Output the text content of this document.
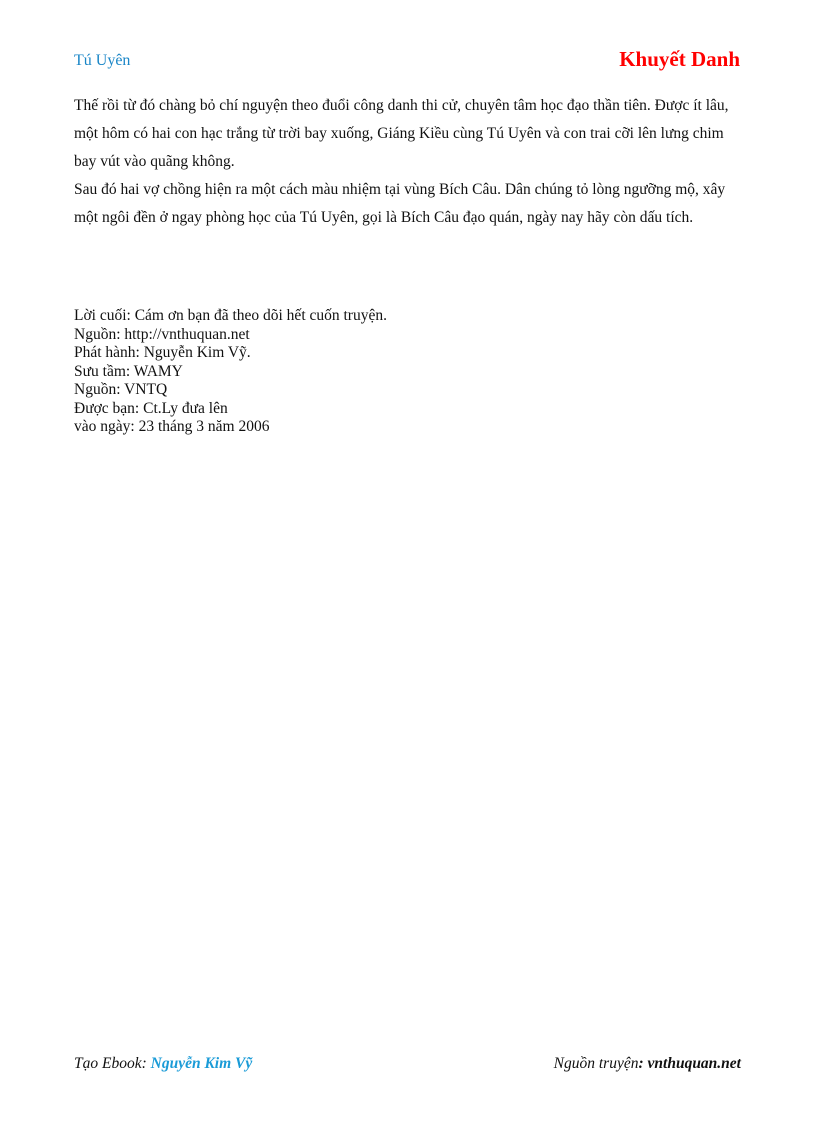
Tú Uyên	Khuyết Danh

Thế rồi từ đó chàng bỏ chí nguyện theo đuổi công danh thi cử, chuyên tâm học đạo thần tiên. Được ít lâu, một hôm có hai con hạc trắng từ trời bay xuống, Giáng Kiều cùng Tú Uyên và con trai cỡi lên lưng chim bay vút vào quãng không.

Sau đó hai vợ chồng hiện ra một cách màu nhiệm tại vùng Bích Câu. Dân chúng tỏ lòng ngưỡng mộ, xây một ngôi đền ở ngay phòng học của Tú Uyên, gọi là Bích Câu đạo quán, ngày nay hãy còn dấu tích.

Lời cuối: Cám ơn bạn đã theo dõi hết cuốn truyện.
Nguồn: http://vnthuquan.net
Phát hành: Nguyễn Kim Vỹ.
Sưu tầm: WAMY
Nguồn: VNTQ
Được bạn: Ct.Ly đưa lên
vào ngày: 23 tháng 3 năm 2006
Tạo Ebook: Nguyễn Kim Vỹ	Nguồn truyện: vnthuquan.net
